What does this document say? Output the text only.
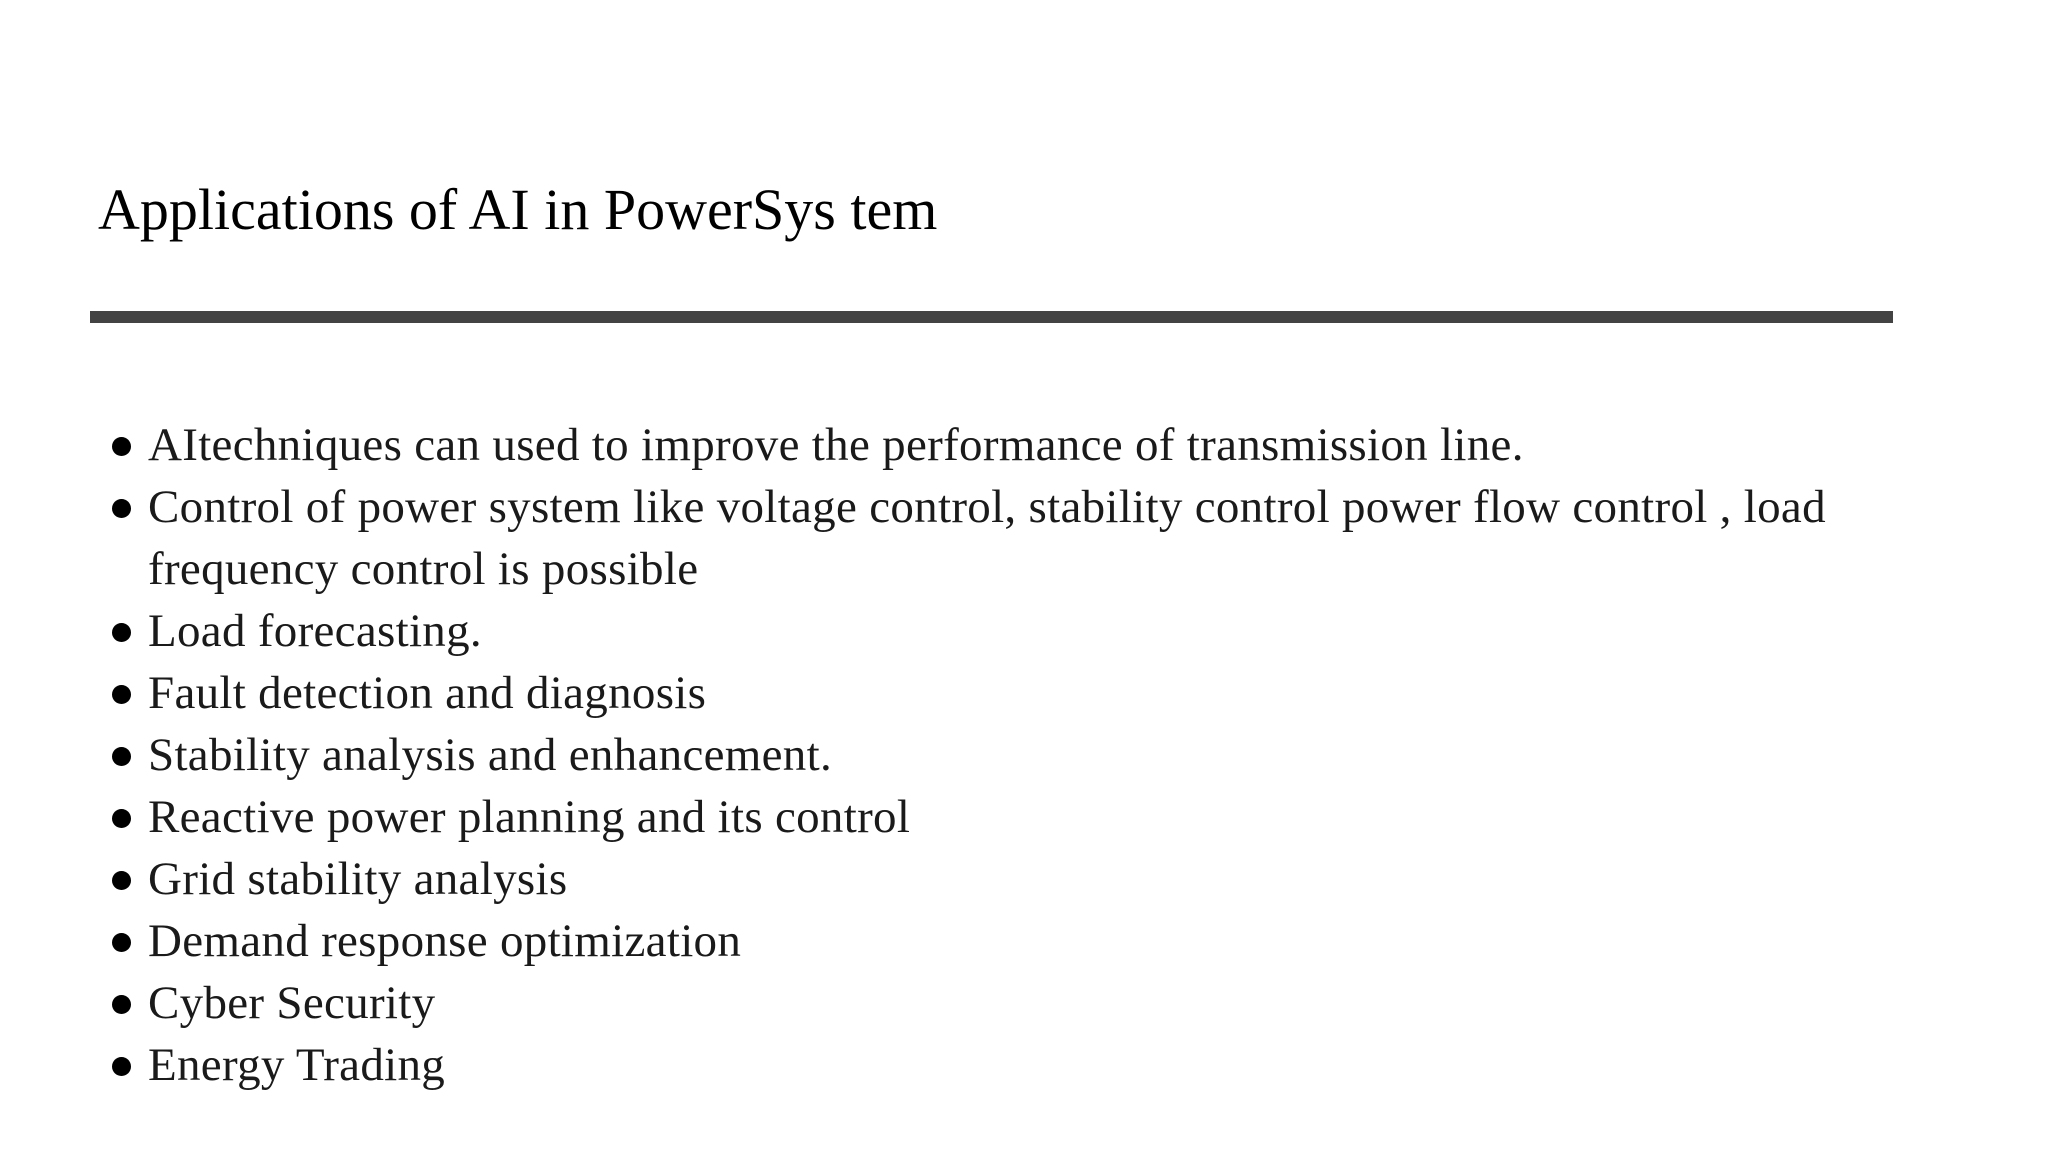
Applications of AI in PowerSys tem
AItechniques can used to improve the performance of transmission line.
Control of power system like voltage control, stability control power flow control , load frequency control is possible
Load forecasting.
Fault detection and diagnosis
Stability analysis and enhancement.
Reactive power planning and its control
Grid stability analysis
Demand response optimization
Cyber Security
Energy Trading
